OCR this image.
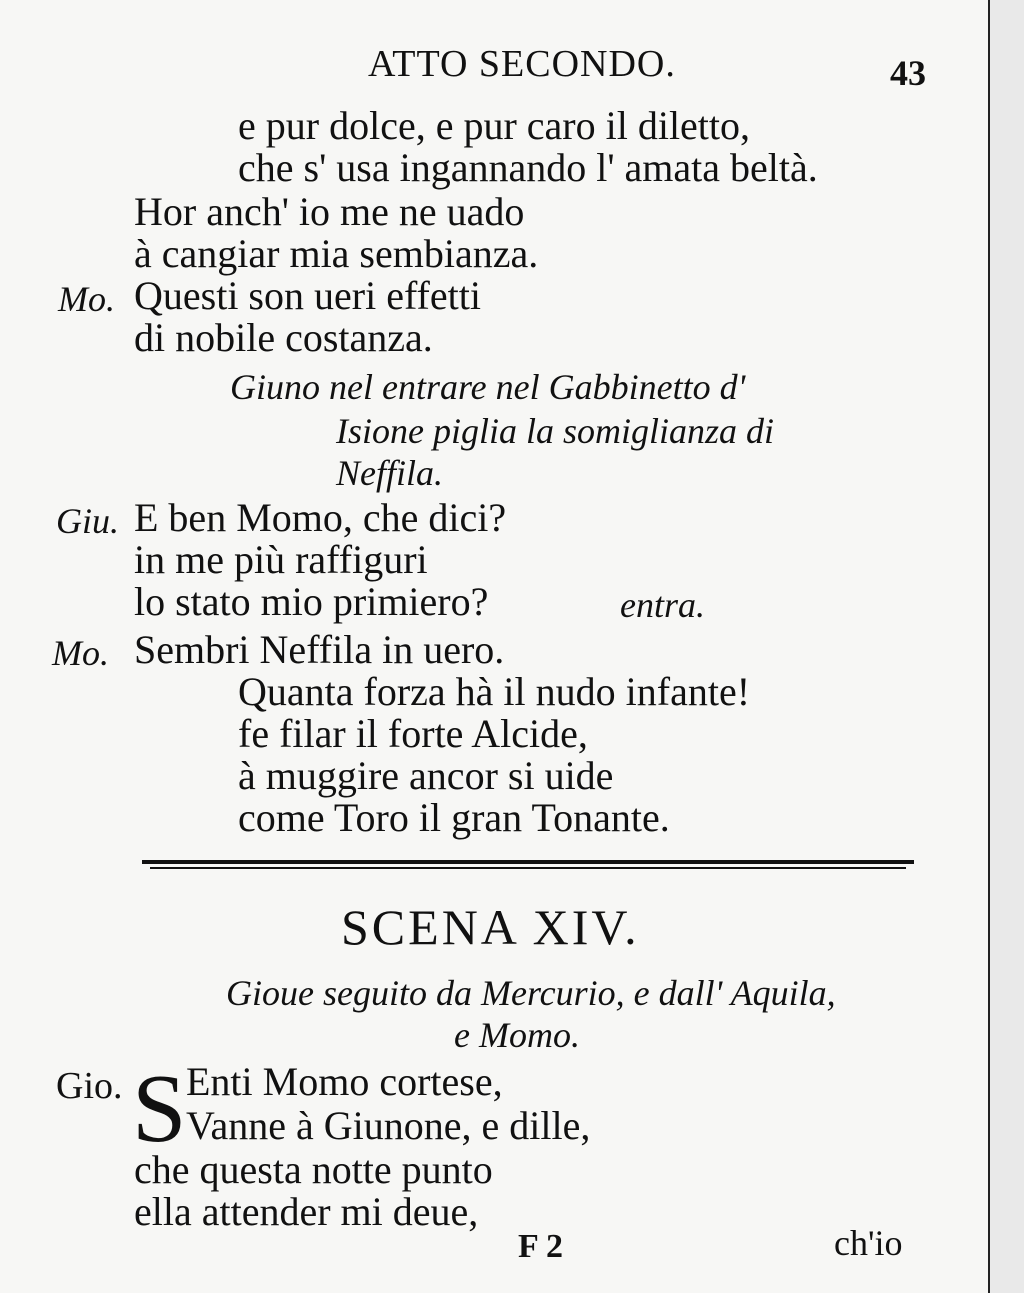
ATTO SECONDO.	43
e pur dolce, e pur caro il diletto,
che s' usa ingannando l' amata beltà.
Hor anch' io me ne uado
à cangiar mia sembianza.
Mo. Questi son ueri effetti
di nobile costanza.
Giuno nel entrare nel Gabbinetto d'
Isione piglia la somiglianza di
Neffila.
Giu. E ben Momo, che dici?
in me più raffiguri
lo stato mio primiero?	entra.
Mo. Sembri Neffila in uero.
Quanta forza hà il nudo infante!
fe filar il forte Alcide,
à muggire ancor si uide
come Toro il gran Tonante.
SCENA XIV.
Gioue seguito da Mercurio, e dall' Aquila,
e Momo.
Gio. S Enti Momo cortese,
Vanne à Giunone, e dille,
che questa notte punto
ella attender mi deue,
F 2	ch'io
